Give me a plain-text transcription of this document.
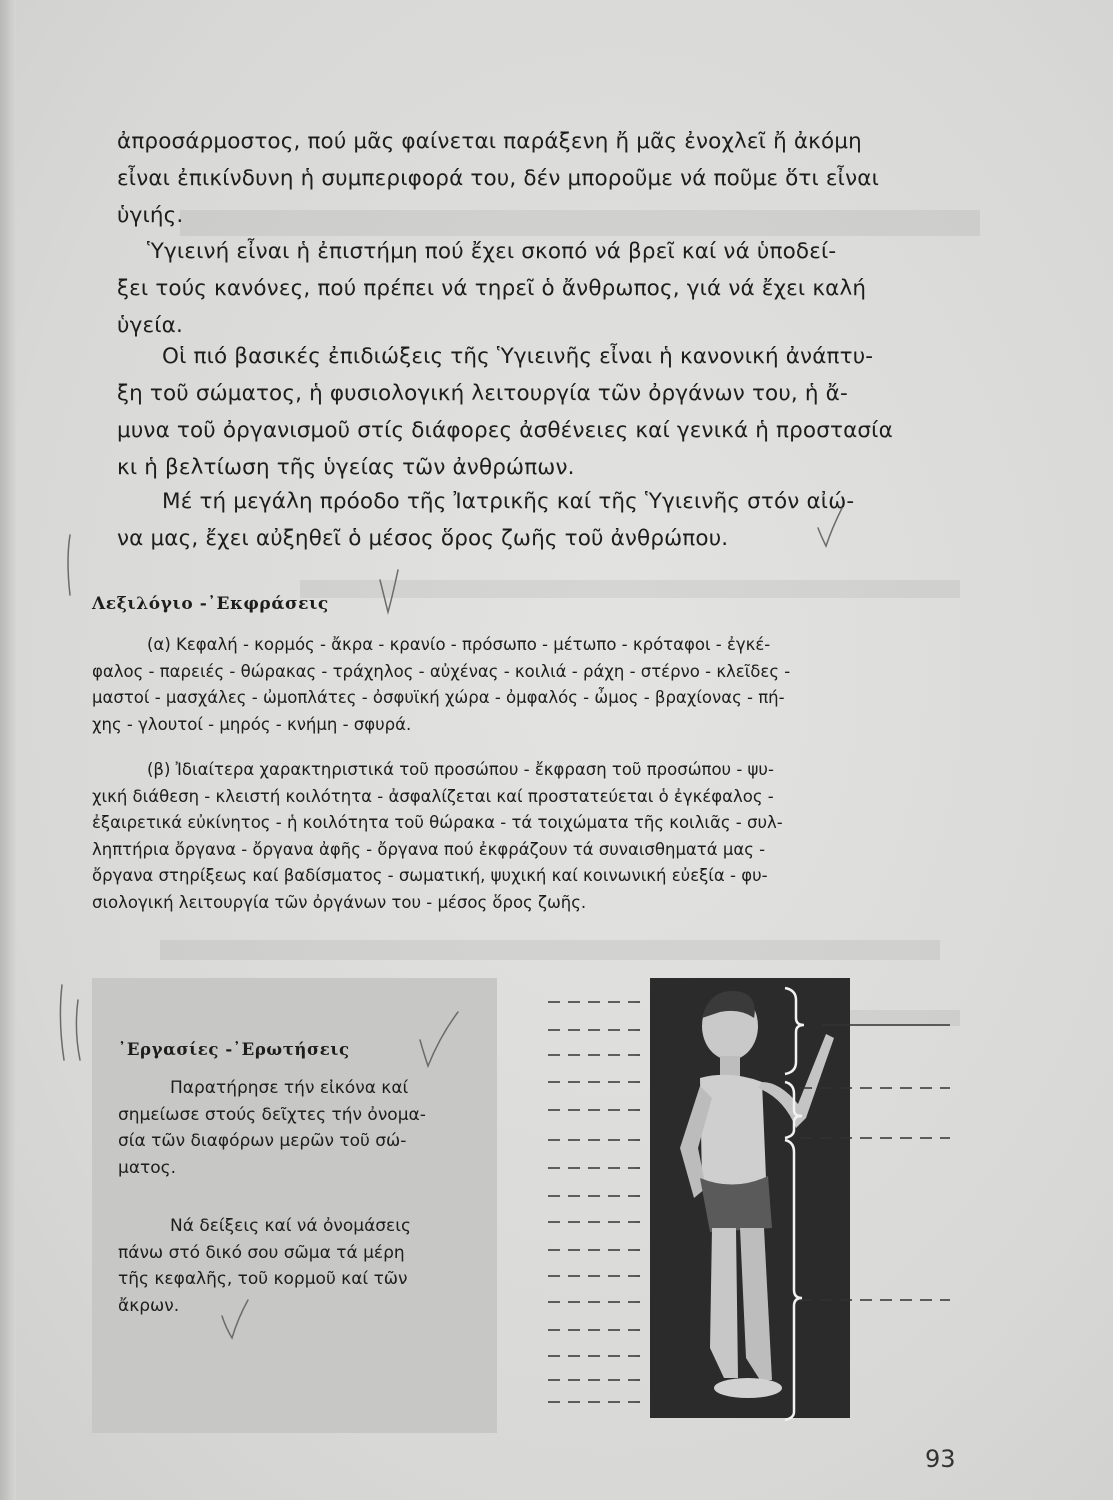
ἀπροσάρμοστος, πού μᾶς φαίνεται παράξενη ἤ μᾶς ἐνοχλεῖ ἤ ἀκόμη
εἶναι ἐπικίνδυνη ἡ συμπεριφορά του, δέν μποροῦμε νά ποῦμε ὅτι εἶναι
ὑγιής.
Ὑγιεινή εἶναι ἡ ἐπιστήμη πού ἔχει σκοπό νά βρεῖ καί νά ὑποδεί-
ξει τούς κανόνες, πού πρέπει νά τηρεῖ ὁ ἄνθρωπος, γιά νά ἔχει καλή
ὑγεία.
Οἱ πιό βασικές ἐπιδιώξεις τῆς Ὑγιεινῆς εἶναι ἡ κανονική ἀνάπτυ-
ξη τοῦ σώματος, ἡ φυσιολογική λειτουργία τῶν ὀργάνων του, ἡ ἄ-
μυνα τοῦ ὀργανισμοῦ στίς διάφορες ἀσθένειες καί γενικά ἡ προστασία
κι ἡ βελτίωση τῆς ὑγείας τῶν ἀνθρώπων.
Μέ τή μεγάλη πρόοδο τῆς Ἰατρικῆς καί τῆς Ὑγιεινῆς στόν αἰώ-
να μας, ἔχει αὐξηθεῖ ὁ μέσος ὅρος ζωῆς τοῦ ἀνθρώπου.
Λεξιλόγιο -᾿Εκφράσεις
(α) Κεφαλή - κορμός - ἄκρα - κρανίο - πρόσωπο - μέτωπο - κρόταφοι - ἐγκέ-
φαλος - παρειές - θώρακας - τράχηλος - αὐχένας - κοιλιά - ράχη - στέρνο - κλεῖδες -
μαστοί - μασχάλες - ὠμοπλάτες - ὀσφυϊκή χώρα - ὀμφαλός - ὦμος - βραχίονας - πή-
χης - γλουτοί - μηρός - κνήμη - σφυρά.
(β) Ἰδιαίτερα χαρακτηριστικά τοῦ προσώπου - ἔκφραση τοῦ προσώπου - ψυ-
χική διάθεση - κλειστή κοιλότητα - ἀσφαλίζεται καί προστατεύεται ὁ ἐγκέφαλος -
ἐξαιρετικά εὐκίνητος - ἡ κοιλότητα τοῦ θώρακα - τά τοιχώματα τῆς κοιλιᾶς - συλ-
ληπτήρια ὄργανα - ὄργανα ἀφῆς - ὄργανα πού ἐκφράζουν τά συναισθηματά μας -
ὄργανα στηρίξεως καί βαδίσματος - σωματική, ψυχική καί κοινωνική εὐεξία - φυ-
σιολογική λειτουργία τῶν ὀργάνων του - μέσος ὅρος ζωῆς.
᾿Εργασίες -᾿Ερωτήσεις
Παρατήρησε τήν εἰκόνα καί
σημείωσε στούς δεῖχτες τήν ὀνομα-
σία τῶν διαφόρων μερῶν τοῦ σώ-
ματος.
Νά δείξεις καί νά ὀνομάσεις
πάνω στό δικό σου σῶμα τά μέρη
τῆς κεφαλῆς, τοῦ κορμοῦ καί τῶν
ἄκρων.
93
